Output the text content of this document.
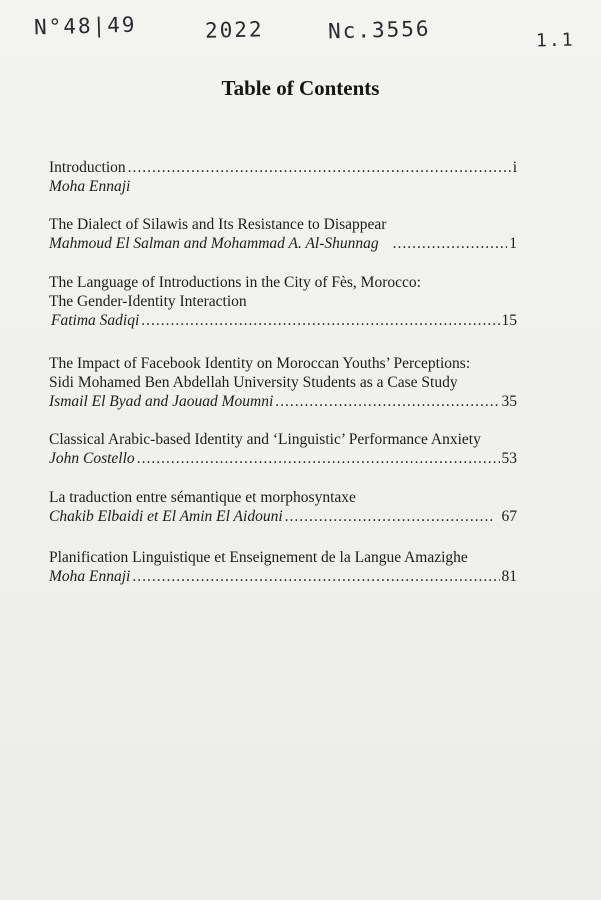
N°48|49	2022	Nc.3556	1.1
Table of Contents
Introduction .....	i
Moha Ennaji
The Dialect of Silawis and Its Resistance to Disappear
Mahmoud El Salman and Mohammad A. Al-Shunnag .....	1
The Language of Introductions in the City of Fès, Morocco:
The Gender-Identity Interaction
Fatima Sadiqi .....	15
The Impact of Facebook Identity on Moroccan Youths’ Perceptions:
Sidi Mohamed Ben Abdellah University Students as a Case Study
Ismail El Byad and Jaouad Moumni .....	35
Classical Arabic-based Identity and ‘Linguistic’ Performance Anxiety
John Costello .....	53
La traduction entre sémantique et morphosyntaxe
Chakib Elbaidi et El Amin El Aidouni .....	67
Planification Linguistique et Enseignement de la Langue Amazighe
Moha Ennaji .....	81
